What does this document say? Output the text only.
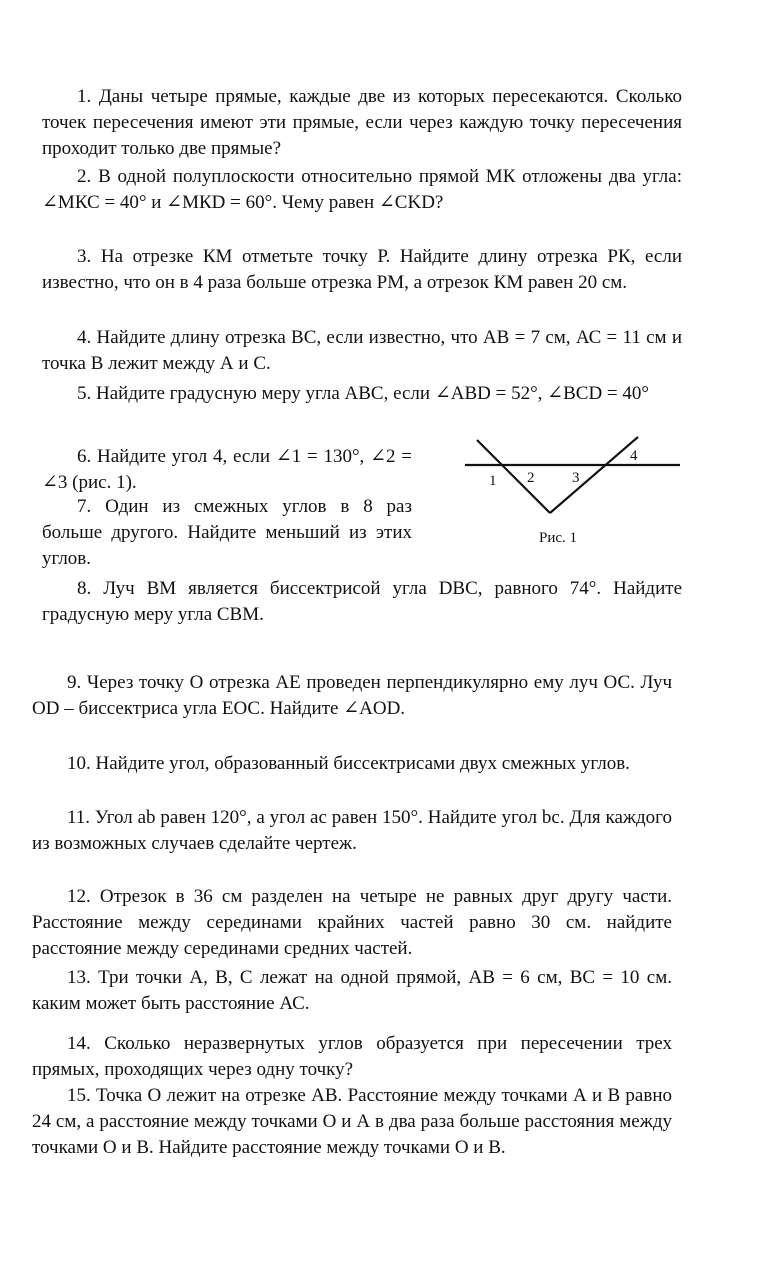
1. Даны четыре прямые, каждые две из которых пересекаются. Сколько точек пересечения имеют эти прямые, если через каждую точку пересечения проходит только две прямые?

2. В одной полуплоскости относительно прямой МК отложены два угла: ∠МКС = 40° и ∠МКD = 60°. Чему равен ∠CKD?

3. На отрезке КМ отметьте точку Р. Найдите длину отрезка РК, если известно, что он в 4 раза больше отрезка РМ, а отрезок КМ равен 20 см.

4. Найдите длину отрезка ВС, если известно, что АВ = 7 см, АС = 11 см и точка В лежит между А и С.

5. Найдите градусную меру угла АВС, если ∠ABD = 52°, ∠BCD = 40°

6. Найдите угол 4, если ∠1 = 130°, ∠2 = ∠3 (рис. 1).

7. Один из смежных углов в 8 раз больше другого. Найдите меньший из этих углов.

1 2	3
4
Рис. 1

8. Луч ВМ является биссектрисой угла DBC, равного 74°. Найдите градусную меру угла СВМ.

9. Через точку О отрезка АЕ проведен перпендикулярно ему луч ОС. Луч OD – биссектриса угла ЕОС. Найдите ∠AOD.

10. Найдите угол, образованный биссектрисами двух смежных углов.

11. Угол ab равен 120°, а угол ac равен 150°. Найдите угол bc. Для каждого из возможных случаев сделайте чертеж.

12. Отрезок в 36 см разделен на четыре не равных друг другу части. Расстояние между серединами крайних частей равно 30 см. найдите расстояние между серединами средних частей.

13. Три точки А, В, С лежат на одной прямой, АВ = 6 см, ВС = 10 см. каким может быть расстояние АС.

14. Сколько неразвернутых углов образуется при пересечении трех прямых, проходящих через одну точку?

15. Точка О лежит на отрезке АВ. Расстояние между точками А и В равно 24 см, а расстояние между точками О и А в два раза больше расстояния между точками О и В. Найдите расстояние между точками О и В.
